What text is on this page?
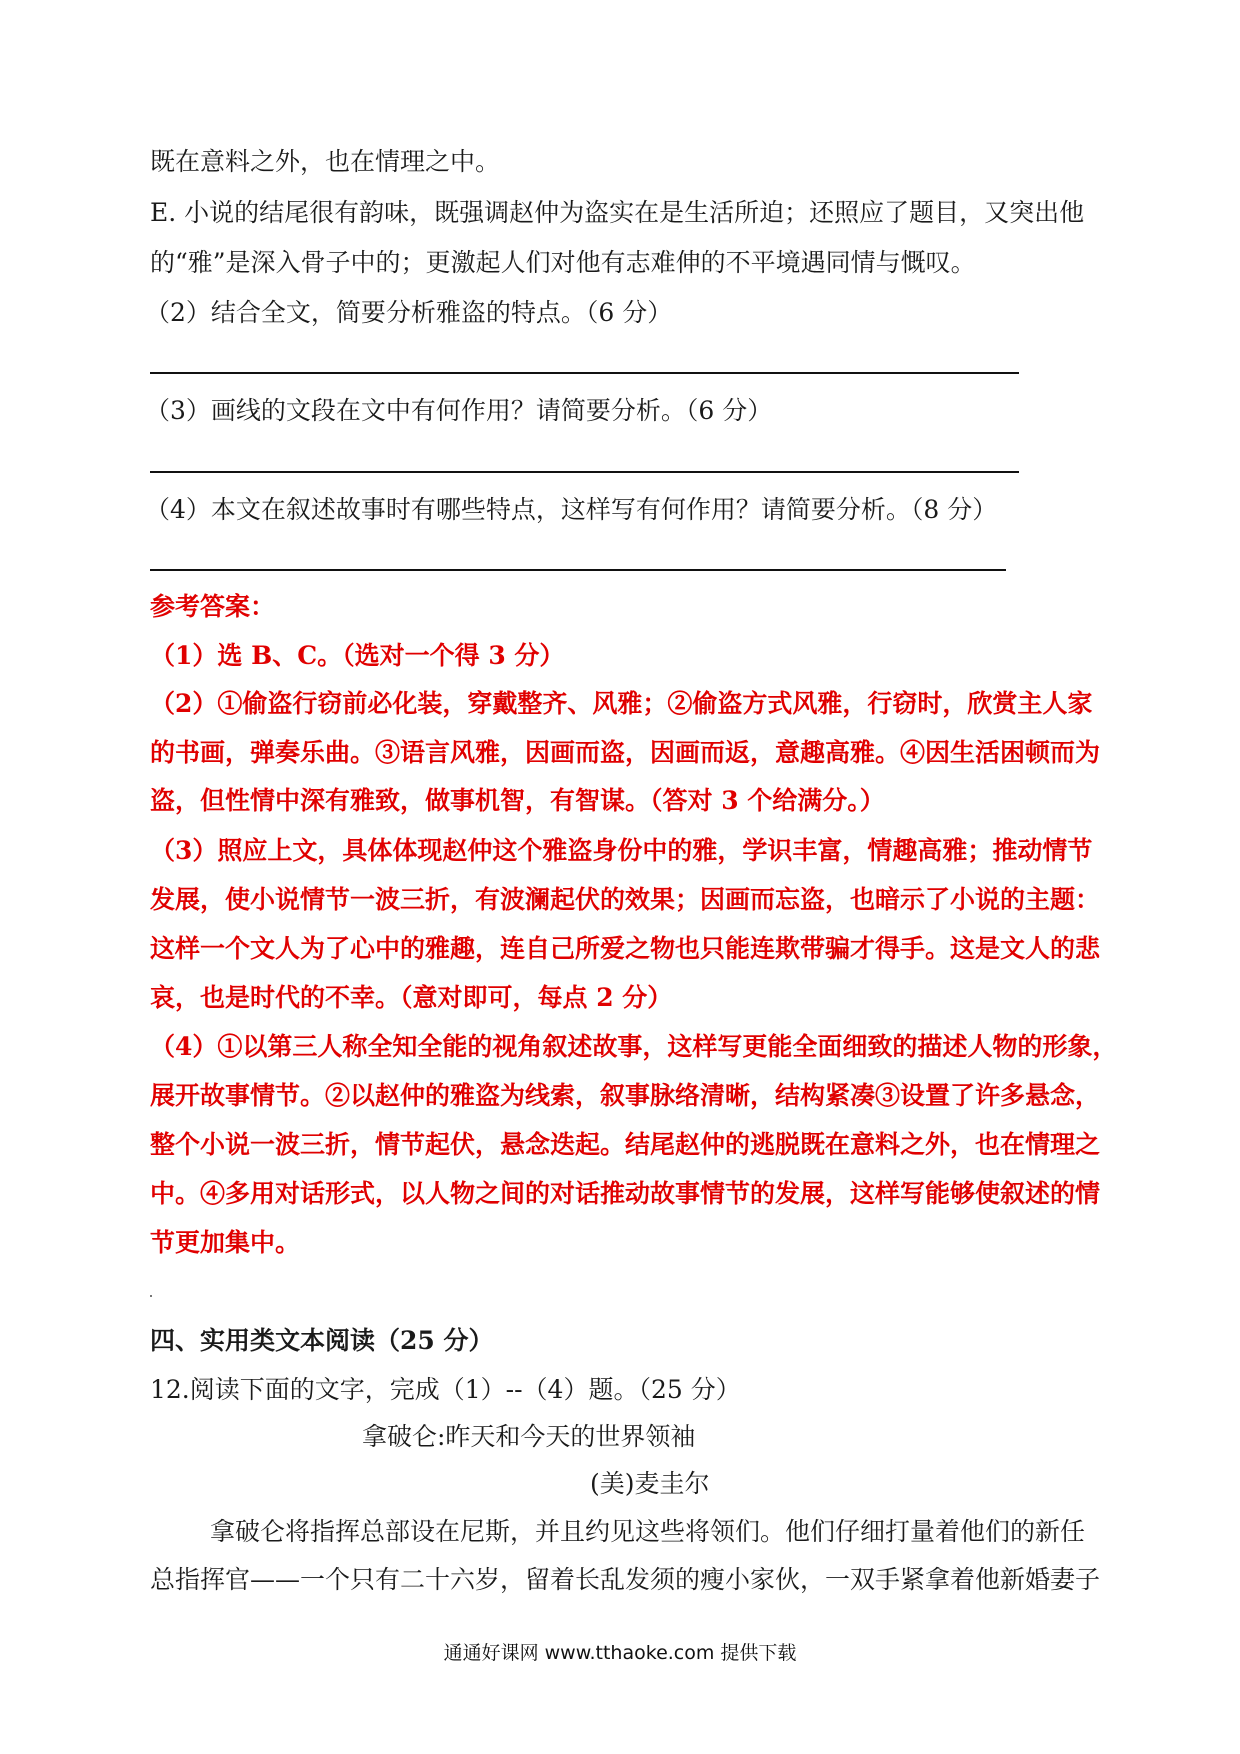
既在意料之外，也在情理之中。
E. 小说的结尾很有韵味，既强调赵仲为盗实在是生活所迫；还照应了题目，又突出他
的“雅”是深入骨子中的；更激起人们对他有志难伸的不平境遇同情与慨叹。
（2）结合全文，简要分析雅盗的特点。（6 分）
（3）画线的文段在文中有何作用？请简要分析。（6 分）
（4）本文在叙述故事时有哪些特点，这样写有何作用？请简要分析。（8 分）
参考答案：
（1）选 B、C。（选对一个得 3 分）
（2）①偷盗行窃前必化装，穿戴整齐、风雅；②偷盗方式风雅，行窃时，欣赏主人家
的书画，弹奏乐曲。③语言风雅，因画而盗，因画而返，意趣高雅。④因生活困顿而为
盗，但性情中深有雅致，做事机智，有智谋。（答对 3 个给满分。）
（3）照应上文，具体体现赵仲这个雅盗身份中的雅，学识丰富，情趣高雅；推动情节
发展，使小说情节一波三折，有波澜起伏的效果；因画而忘盗，也暗示了小说的主题：
这样一个文人为了心中的雅趣，连自己所爱之物也只能连欺带骗才得手。这是文人的悲
哀，也是时代的不幸。（意对即可，每点 2 分）
（4）①以第三人称全知全能的视角叙述故事，这样写更能全面细致的描述人物的形象，
展开故事情节。②以赵仲的雅盗为线索，叙事脉络清晰，结构紧凑③设置了许多悬念，
整个小说一波三折，情节起伏，悬念迭起。结尾赵仲的逃脱既在意料之外，也在情理之
中。④多用对话形式，以人物之间的对话推动故事情节的发展，这样写能够使叙述的情
节更加集中。
四、实用类文本阅读（25 分）
12.阅读下面的文字，完成（1）--（4）题。（25 分）
拿破仑:昨天和今天的世界领袖
(美)麦圭尔
拿破仑将指挥总部设在尼斯，并且约见这些将领们。他们仔细打量着他们的新任
总指挥官——一个只有二十六岁，留着长乱发须的瘦小家伙，一双手紧拿着他新婚妻子
通通好课网 www.tthaoke.com 提供下载
